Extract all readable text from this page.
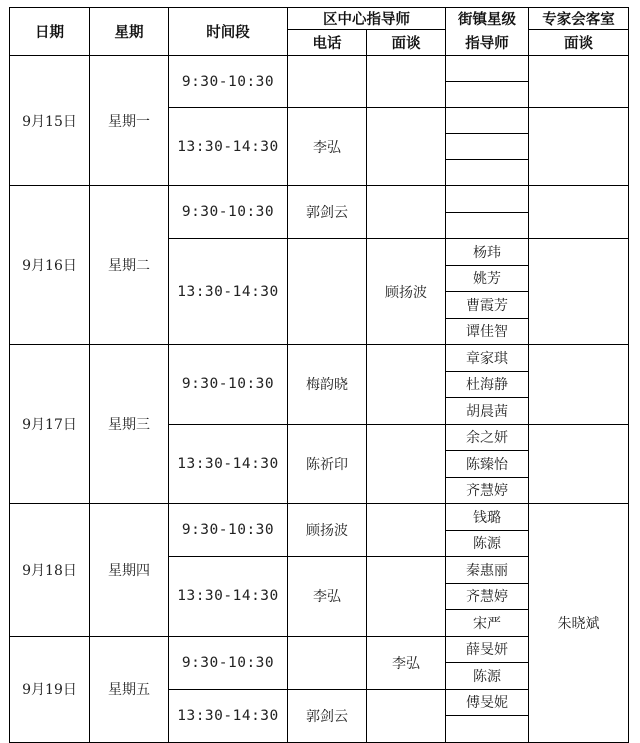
日期	星期	时间段	区中心指导师		街镇星级	专家会客室
			电话	面谈	指导师	面谈
9月15日	星期一	9:30-10:30				

		13:30-14:30	李弘			

9月16日	星期二	9:30-10:30	郭剑云			

		13:30-14:30		顾扬波	杨玮	
					姚芳	
					曹霞芳	
					谭佳智	
9月17日	星期三	9:30-10:30	梅韵晓		章家琪	
					杜海静	
					胡晨茜	
		13:30-14:30	陈祈印		余之妍	
					陈臻怡	
					齐慧婷	
9月18日	星期四	9:30-10:30	顾扬波		钱璐	朱晓斌
					陈源	
		13:30-14:30	李弘		秦惠丽	
					齐慧婷	
					宋严	
9月19日	星期五	9:30-10:30		李弘	薛旻妍	
					陈源	
		13:30-14:30	郭剑云		傅旻妮	
